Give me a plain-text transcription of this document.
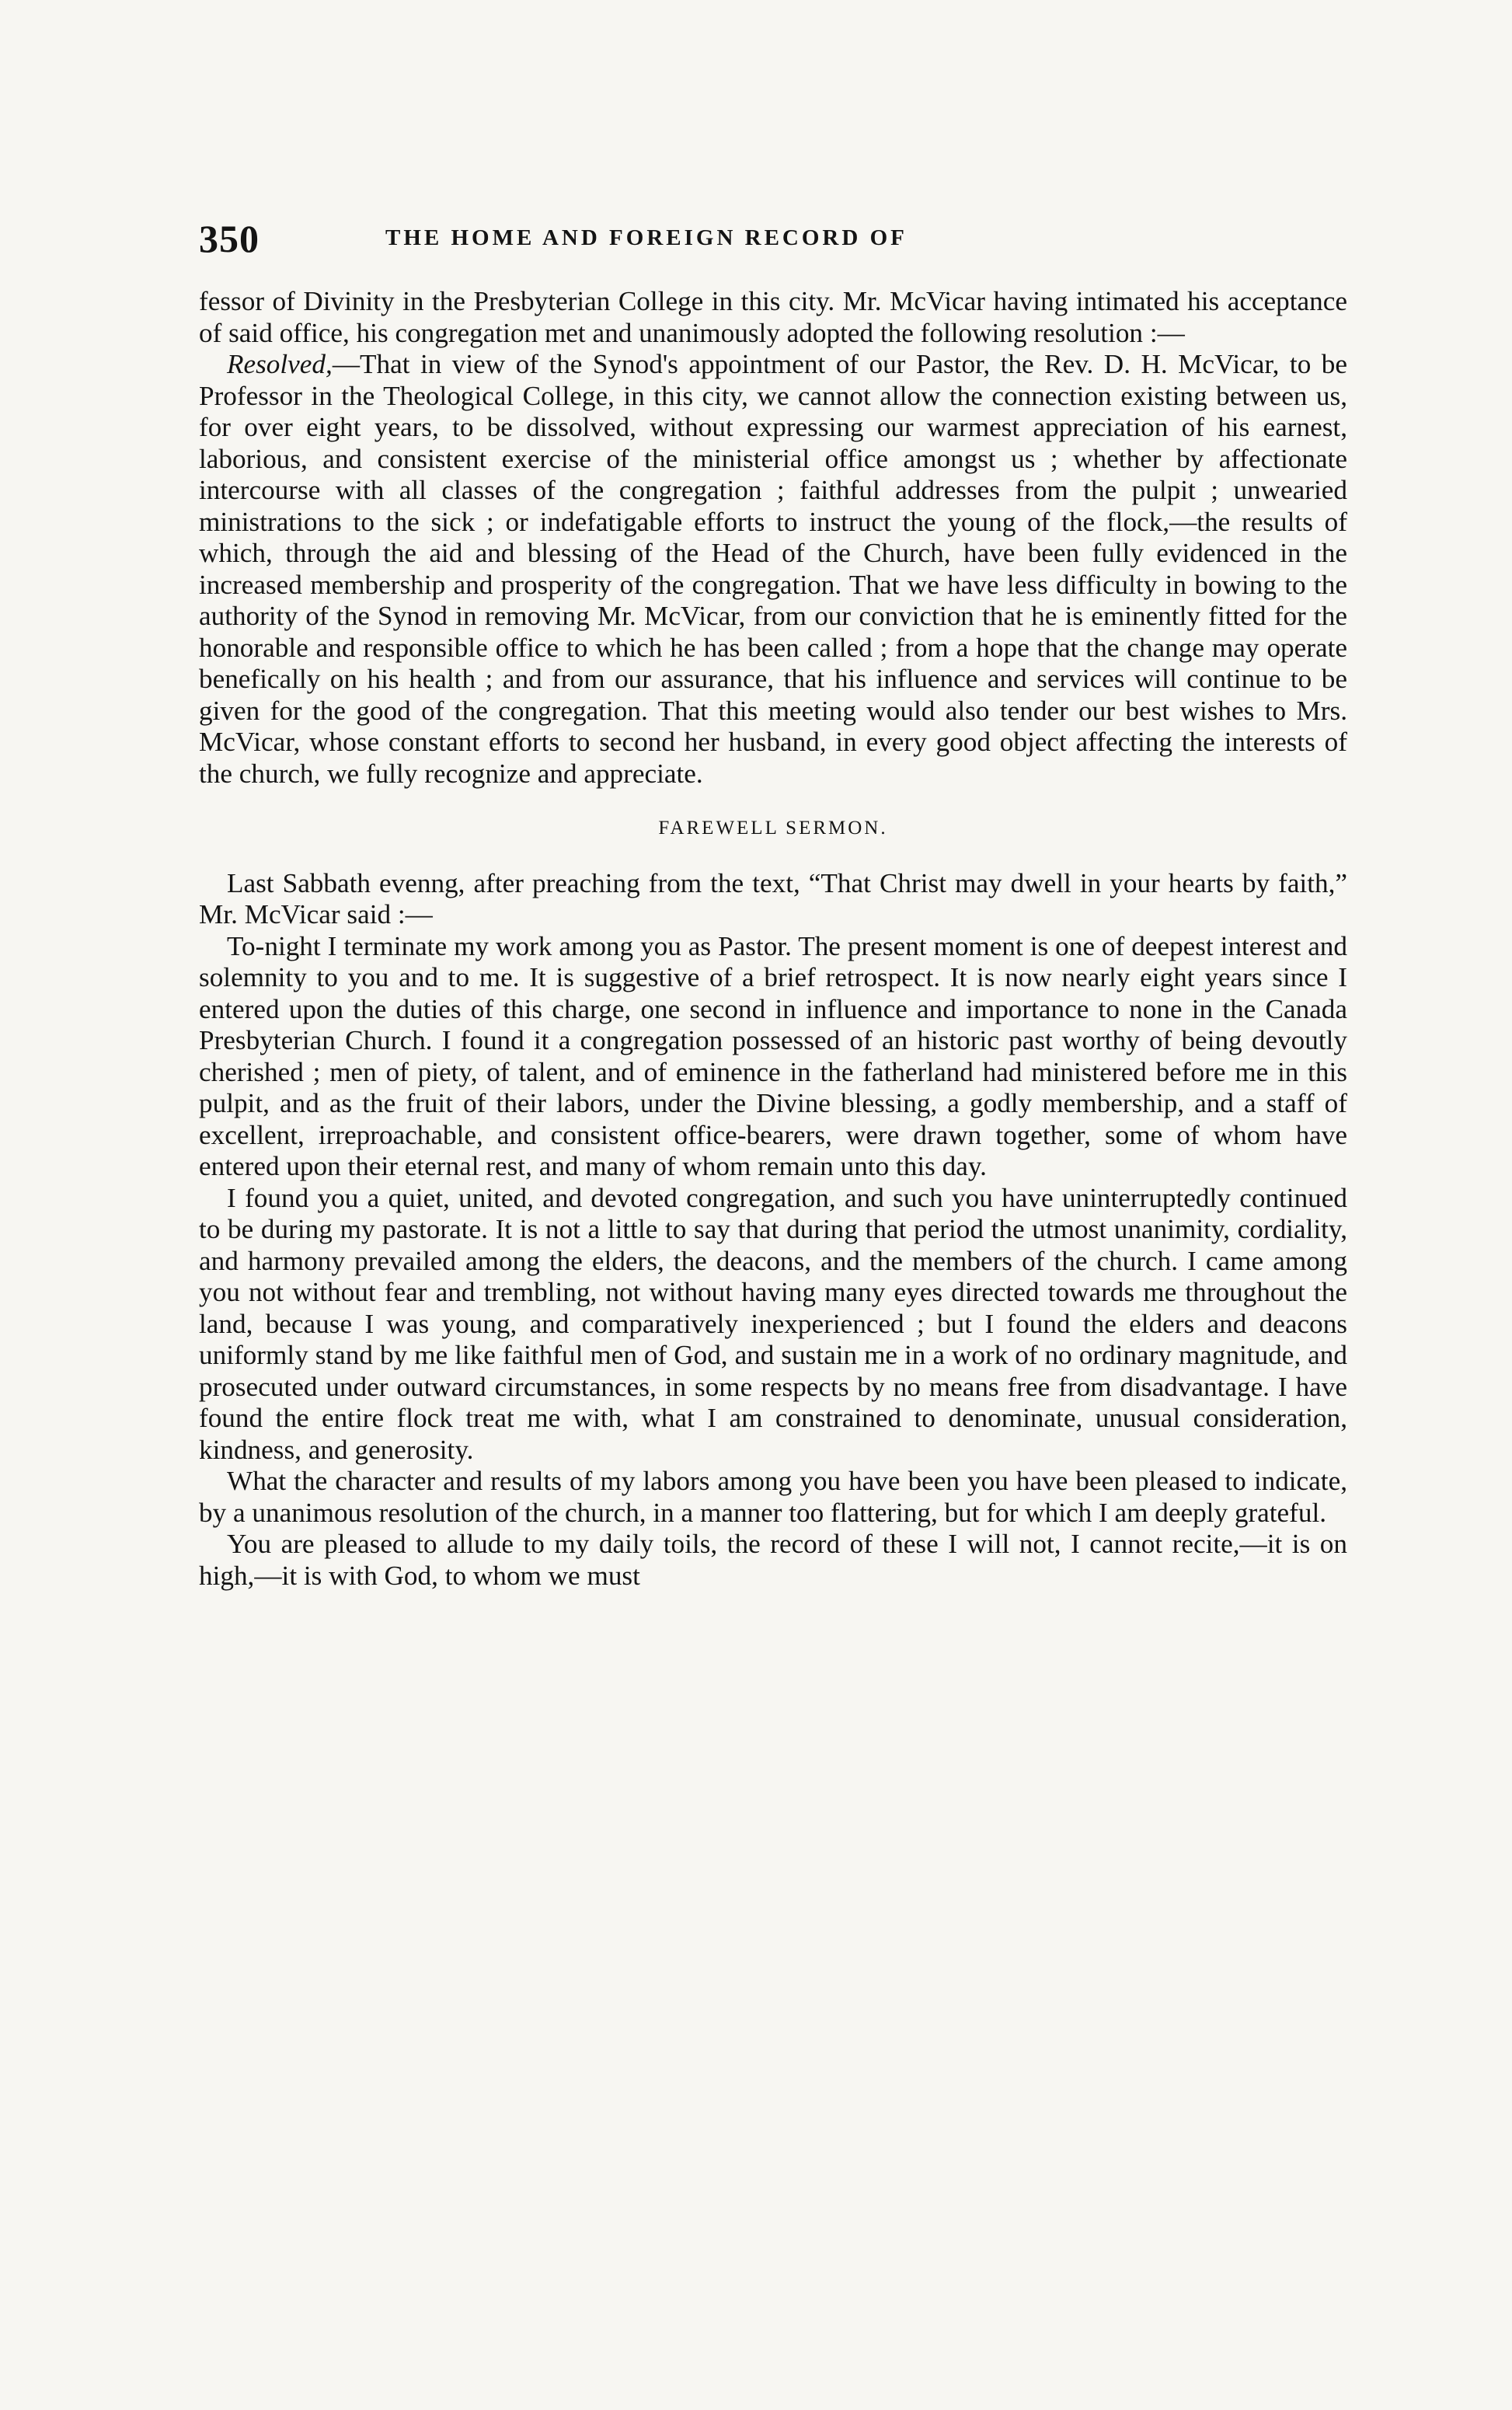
350	THE HOME AND FOREIGN RECORD OF

fessor of Divinity in the Presbyterian College in this city. Mr. McVicar having intimated his acceptance of said office, his congregation met and unanimously adopted the following resolution :—

Resolved,—That in view of the Synod's appointment of our Pastor, the Rev. D. H. McVicar, to be Professor in the Theological College, in this city, we cannot allow the connection existing between us, for over eight years, to be dissolved, without expressing our warmest appreciation of his earnest, laborious, and consistent exercise of the ministerial office amongst us ; whether by affectionate intercourse with all classes of the congregation ; faithful addresses from the pulpit ; unwearied ministrations to the sick ; or indefatigable efforts to instruct the young of the flock,—the results of which, through the aid and blessing of the Head of the Church, have been fully evidenced in the increased membership and prosperity of the congregation. That we have less difficulty in bowing to the authority of the Synod in removing Mr. McVicar, from our conviction that he is eminently fitted for the honorable and responsible office to which he has been called ; from a hope that the change may operate benefically on his health ; and from our assurance, that his influence and services will continue to be given for the good of the congregation. That this meeting would also tender our best wishes to Mrs. McVicar, whose constant efforts to second her husband, in every good object affecting the interests of the church, we fully recognize and appreciate.

FAREWELL SERMON.

Last Sabbath evenng, after preaching from the text, “That Christ may dwell in your hearts by faith,” Mr. McVicar said :—

To-night I terminate my work among you as Pastor. The present moment is one of deepest interest and solemnity to you and to me. It is suggestive of a brief retrospect. It is now nearly eight years since I entered upon the duties of this charge, one second in influence and importance to none in the Canada Presbyterian Church. I found it a congregation possessed of an historic past worthy of being devoutly cherished ; men of piety, of talent, and of eminence in the fatherland had ministered before me in this pulpit, and as the fruit of their labors, under the Divine blessing, a godly membership, and a staff of excellent, irreproachable, and consistent office-bearers, were drawn together, some of whom have entered upon their eternal rest, and many of whom remain unto this day.

I found you a quiet, united, and devoted congregation, and such you have uninterruptedly continued to be during my pastorate. It is not a little to say that during that period the utmost unanimity, cordiality, and harmony prevailed among the elders, the deacons, and the members of the church. I came among you not without fear and trembling, not without having many eyes directed towards me throughout the land, because I was young, and comparatively inexperienced ; but I found the elders and deacons uniformly stand by me like faithful men of God, and sustain me in a work of no ordinary magnitude, and prosecuted under outward circumstances, in some respects by no means free from disadvantage. I have found the entire flock treat me with, what I am constrained to denominate, unusual consideration, kindness, and generosity.

What the character and results of my labors among you have been you have been pleased to indicate, by a unanimous resolution of the church, in a manner too flattering, but for which I am deeply grateful.

You are pleased to allude to my daily toils, the record of these I will not, I cannot recite,—it is on high,—it is with God, to whom we must
